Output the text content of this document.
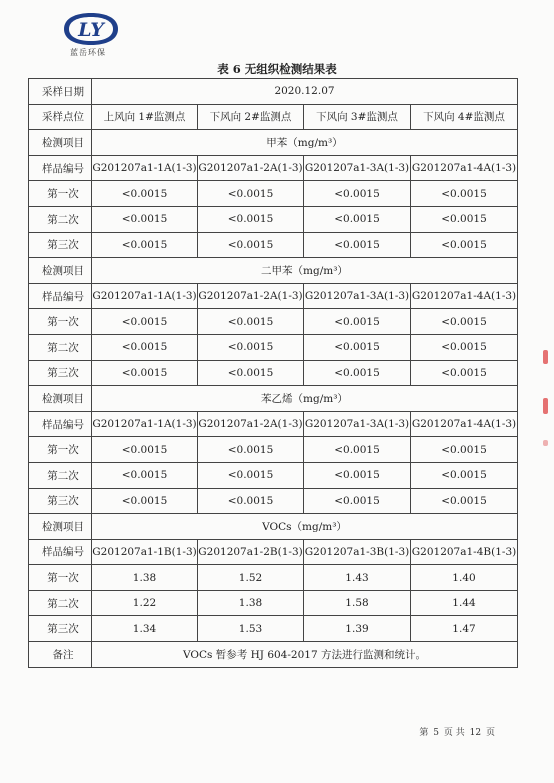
LY
蓝岳环保
表 6 无组织检测结果表
采样日期	2020.12.07			
采样点位	上风向 1#监测点	下风向 2#监测点	下风向 3#监测点	下风向 4#监测点
检测项目	甲苯（mg/m³）			
样品编号	G201207a1-1A(1-3)	G201207a1-2A(1-3)	G201207a1-3A(1-3)	G201207a1-4A(1-3)
第一次	<0.0015	<0.0015	<0.0015	<0.0015
第二次	<0.0015	<0.0015	<0.0015	<0.0015
第三次	<0.0015	<0.0015	<0.0015	<0.0015
检测项目	二甲苯（mg/m³）			
样品编号	G201207a1-1A(1-3)	G201207a1-2A(1-3)	G201207a1-3A(1-3)	G201207a1-4A(1-3)
第一次	<0.0015	<0.0015	<0.0015	<0.0015
第二次	<0.0015	<0.0015	<0.0015	<0.0015
第三次	<0.0015	<0.0015	<0.0015	<0.0015
检测项目	苯乙烯（mg/m³）			
样品编号	G201207a1-1A(1-3)	G201207a1-2A(1-3)	G201207a1-3A(1-3)	G201207a1-4A(1-3)
第一次	<0.0015	<0.0015	<0.0015	<0.0015
第二次	<0.0015	<0.0015	<0.0015	<0.0015
第三次	<0.0015	<0.0015	<0.0015	<0.0015
检测项目	VOCs（mg/m³）			
样品编号	G201207a1-1B(1-3)	G201207a1-2B(1-3)	G201207a1-3B(1-3)	G201207a1-4B(1-3)
第一次	1.38	1.52	1.43	1.40
第二次	1.22	1.38	1.58	1.44
第三次	1.34	1.53	1.39	1.47
备注	VOCs 暂参考 HJ 604-2017 方法进行监测和统计。			
第 5 页 共 12 页
